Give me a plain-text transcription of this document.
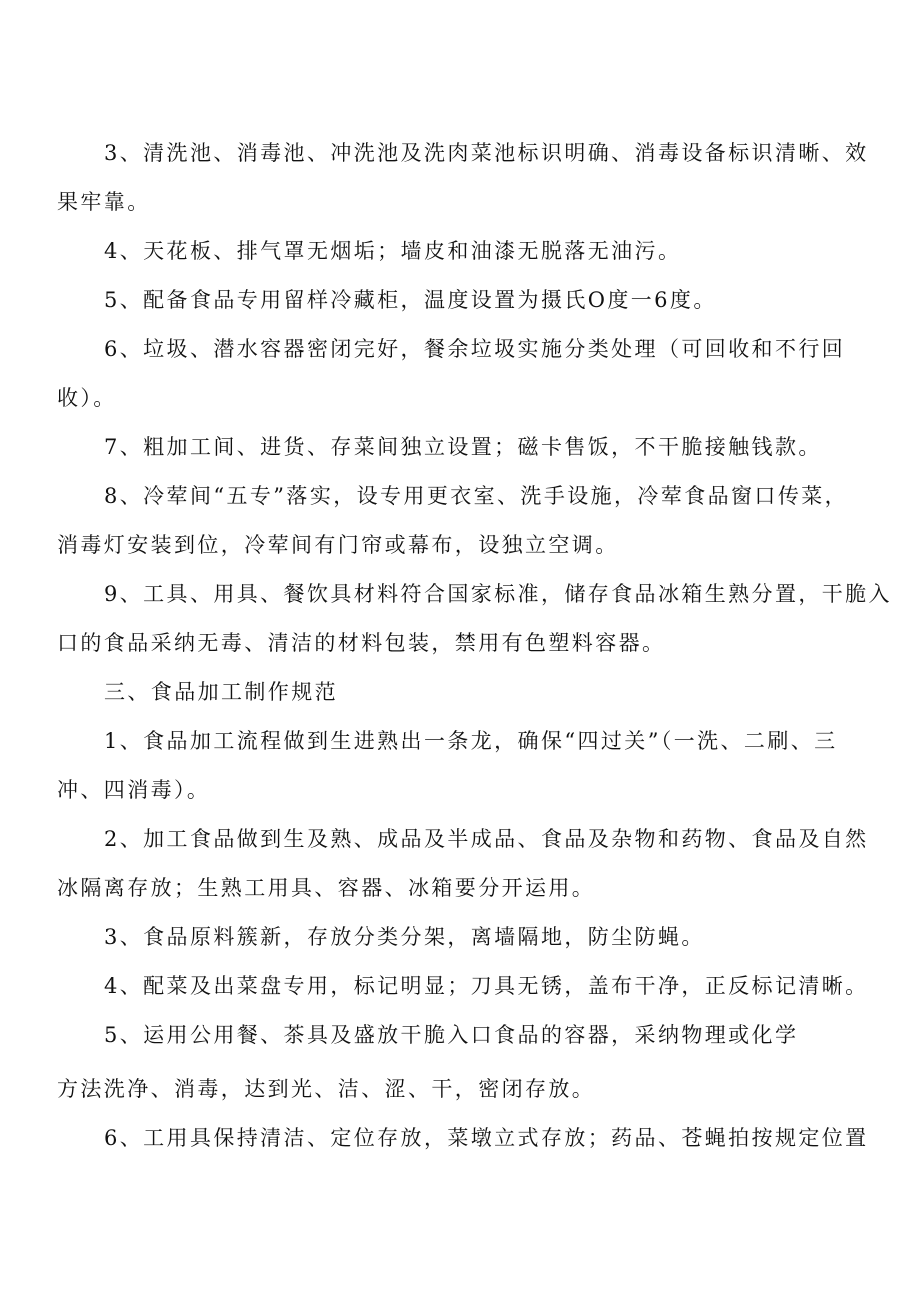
3、清洗池、消毒池、冲洗池及洗肉菜池标识明确、消毒设备标识清晰、效
果牢靠。
4、天花板、排气罩无烟垢；墙皮和油漆无脱落无油污。
5、配备食品专用留样冷藏柜，温度设置为摄氏O度一6度。
6、垃圾、潜水容器密闭完好，餐余垃圾实施分类处理（可回收和不行回
收）。
7、粗加工间、进货、存菜间独立设置；磁卡售饭，不干脆接触钱款。
8、冷荤间“五专”落实，设专用更衣室、洗手设施，冷荤食品窗口传菜，
消毒灯安装到位，冷荤间有门帘或幕布，设独立空调。
9、工具、用具、餐饮具材料符合国家标准，储存食品冰箱生熟分置，干脆入
口的食品采纳无毒、清洁的材料包装，禁用有色塑料容器。
三、食品加工制作规范
1、食品加工流程做到生进熟出一条龙，确保“四过关”（一洗、二刷、三
冲、四消毒）。
2、加工食品做到生及熟、成品及半成品、食品及杂物和药物、食品及自然
冰隔离存放；生熟工用具、容器、冰箱要分开运用。
3、食品原料簇新，存放分类分架，离墙隔地，防尘防蝇。
4、配菜及出菜盘专用，标记明显；刀具无锈，盖布干净，正反标记清晰。
5、运用公用餐、茶具及盛放干脆入口食品的容器，采纳物理或化学
方法洗净、消毒，达到光、洁、涩、干，密闭存放。
6、工用具保持清洁、定位存放，菜墩立式存放；药品、苍蝇拍按规定位置
